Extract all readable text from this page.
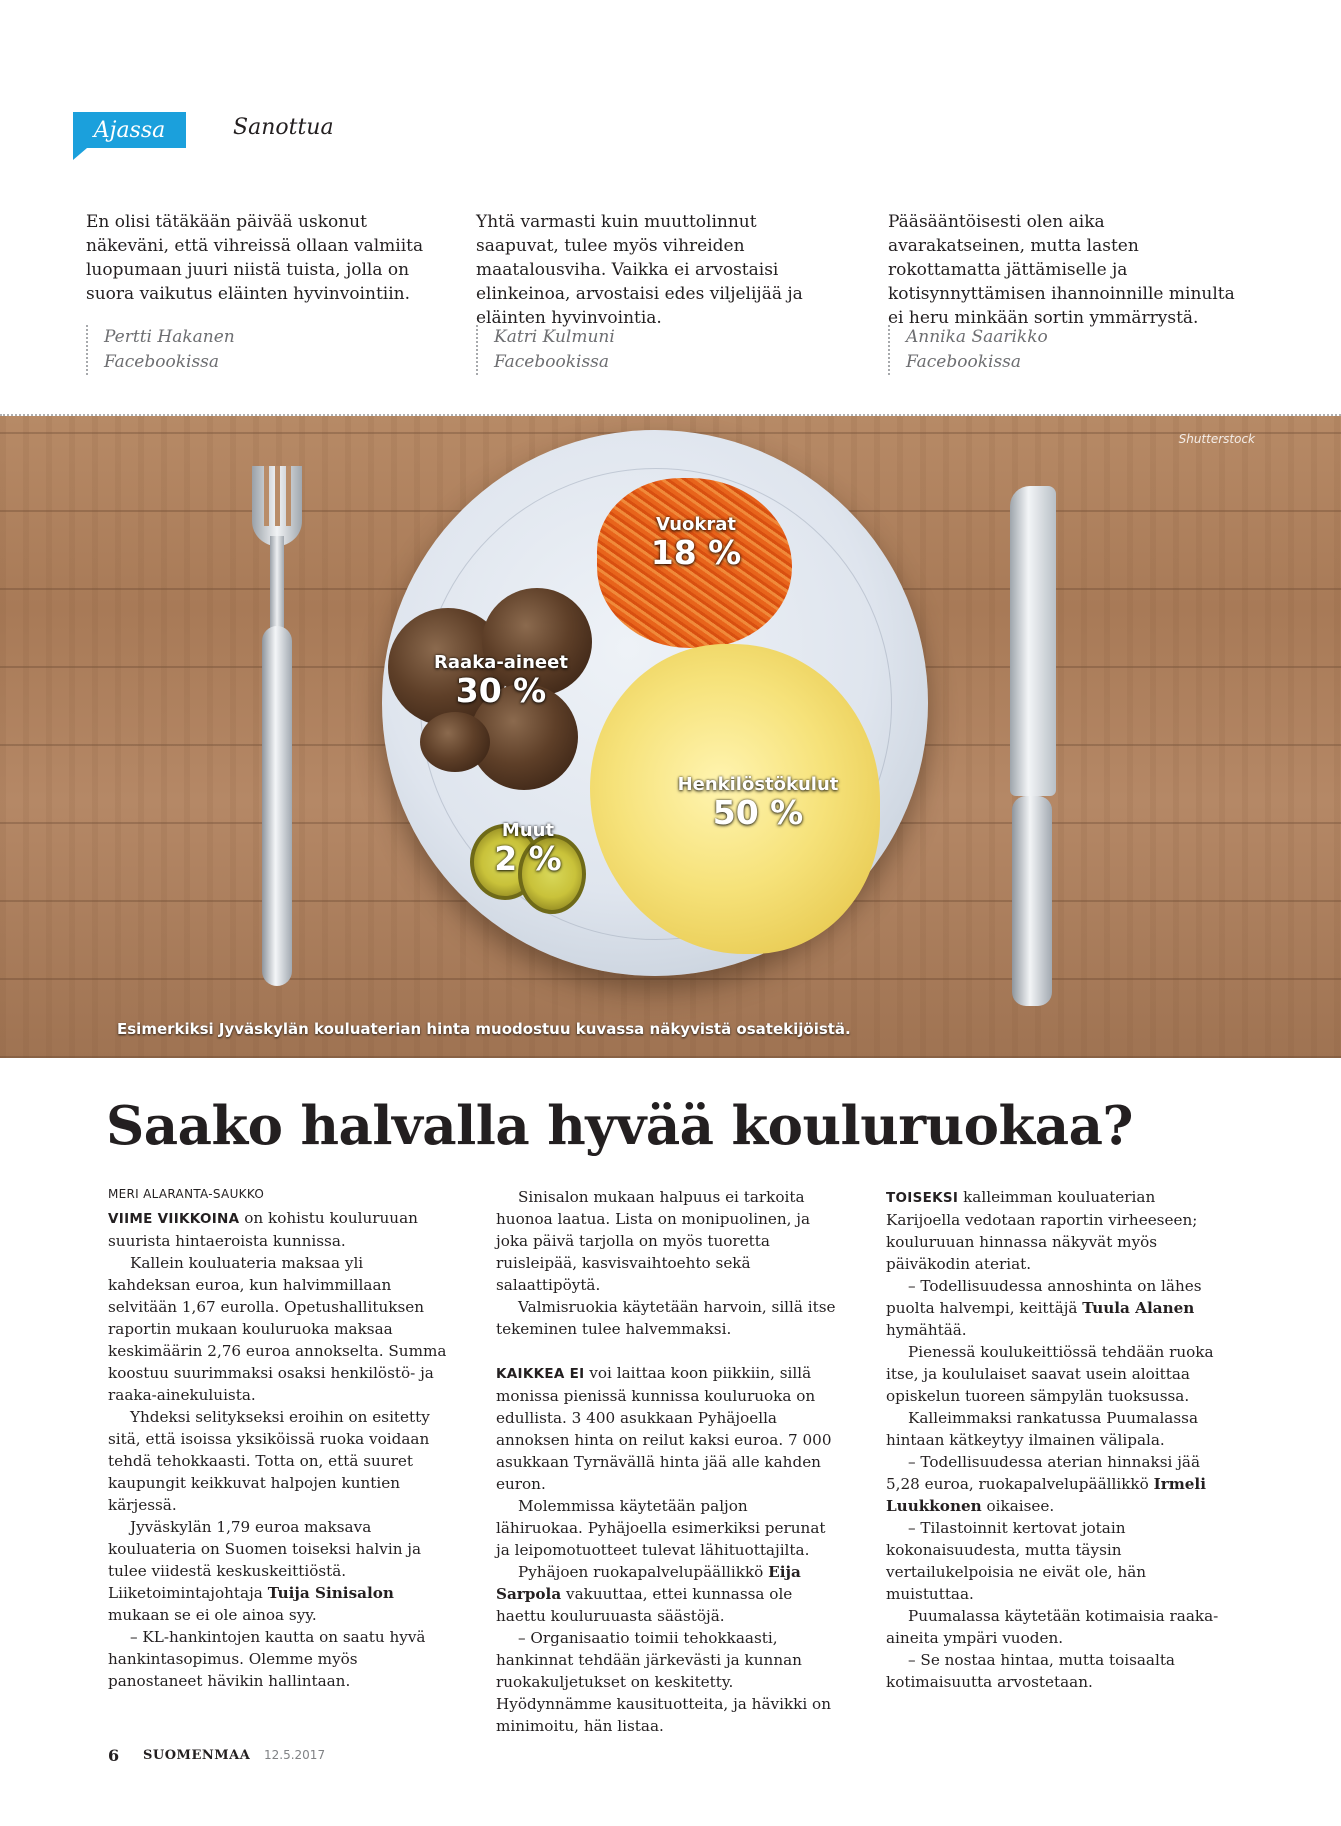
Ajassa	Sanottua
En olisi tätäkään päivää uskonut näkeväni, että vihreissä ollaan valmiita luopumaan juuri niistä tuista, jolla on suora vaikutus eläinten hyvinvointiin.
Pertti Hakanen
Facebookissa
Yhtä varmasti kuin muuttolinnut saapuvat, tulee myös vihreiden maatalousviha. Vaikka ei arvostaisi elinkeinoa, arvostaisi edes viljelijää ja eläinten hyvinvointia.
Katri Kulmuni
Facebookissa
Pääsääntöisesti olen aika avarakatseinen, mutta lasten rokottamatta jättämiselle ja kotisynnyttämisen ihannoinnille minulta ei heru minkään sortin ymmärrystä.
Annika Saarikko
Facebookissa
Shutterstock
Vuokrat
18 %
Raaka-aineet
30 %
Henkilöstökulut
50 %
Muut
2 %
Esimerkiksi Jyväskylän kouluaterian hinta muodostuu kuvassa näkyvistä osatekijöistä.
Saako halvalla hyvää kouluruokaa?
MERI ALARANTA-SAUKKO

VIIME VIIKKOINA on kohistu kouluruuan suurista hintaeroista kunnissa.

Kallein kouluateria maksaa yli kahdeksan euroa, kun halvimmillaan selvitään 1,67 eurolla. Opetushallituksen raportin mukaan kouluruoka maksaa keskimäärin 2,76 euroa annokselta. Summa koostuu suurimmaksi osaksi henkilöstö- ja raaka-ainekuluista.

Yhdeksi selitykseksi eroihin on esitetty sitä, että isoissa yksiköissä ruoka voidaan tehdä tehokkaasti. Totta on, että suuret kaupungit keikkuvat halpojen kuntien kärjessä.

Jyväskylän 1,79 euroa maksava kouluateria on Suomen toiseksi halvin ja tulee viidestä keskuskeittiöstä. Liiketoimintajohtaja Tuija Sinisalon mukaan se ei ole ainoa syy.

– KL-hankintojen kautta on saatu hyvä hankintasopimus. Olemme myös panostaneet hävikin hallintaan.

Sinisalon mukaan halpuus ei tarkoita huonoa laatua. Lista on monipuolinen, ja joka päivä tarjolla on myös tuoretta ruisleipää, kasvisvaihtoehto sekä salaattipöytä.

Valmisruokia käytetään harvoin, sillä itse tekeminen tulee halvemmaksi.

KAIKKEA EI voi laittaa koon piikkiin, sillä monissa pienissä kunnissa kouluruoka on edullista. 3 400 asukkaan Pyhäjoella annoksen hinta on reilut kaksi euroa. 7 000 asukkaan Tyrnävällä hinta jää alle kahden euron.

Molemmissa käytetään paljon lähiruokaa. Pyhäjoella esimerkiksi perunat ja leipomotuotteet tulevat lähituottajilta.

Pyhäjoen ruokapalvelupäällikkö Eija Sarpola vakuuttaa, ettei kunnassa ole haettu kouluruuasta säästöjä.

– Organisaatio toimii tehokkaasti, hankinnat tehdään järkevästi ja kunnan ruokakuljetukset on keskitetty. Hyödynnämme kausituotteita, ja hävikki on minimoitu, hän listaa.

TOISEKSI kalleimman kouluaterian Karijoella vedotaan raportin virheeseen; kouluruuan hinnassa näkyvät myös päiväkodin ateriat.

– Todellisuudessa annoshinta on lähes puolta halvempi, keittäjä Tuula Alanen hymähtää.

Pienessä koulukeittiössä tehdään ruoka itse, ja koululaiset saavat usein aloittaa opiskelun tuoreen sämpylän tuoksussa.

Kalleimmaksi rankatussa Puumalassa hintaan kätkeytyy ilmainen välipala.

– Todellisuudessa aterian hinnaksi jää 5,28 euroa, ruokapalvelupäällikkö Irmeli Luukkonen oikaisee.

– Tilastoinnit kertovat jotain kokonaisuudesta, mutta täysin vertailukelpoisia ne eivät ole, hän muistuttaa.

Puumalassa käytetään kotimaisia raaka-aineita ympäri vuoden.

– Se nostaa hintaa, mutta toisaalta kotimaisuutta arvostetaan.

6 SUOMENMAA 12.5.2017
